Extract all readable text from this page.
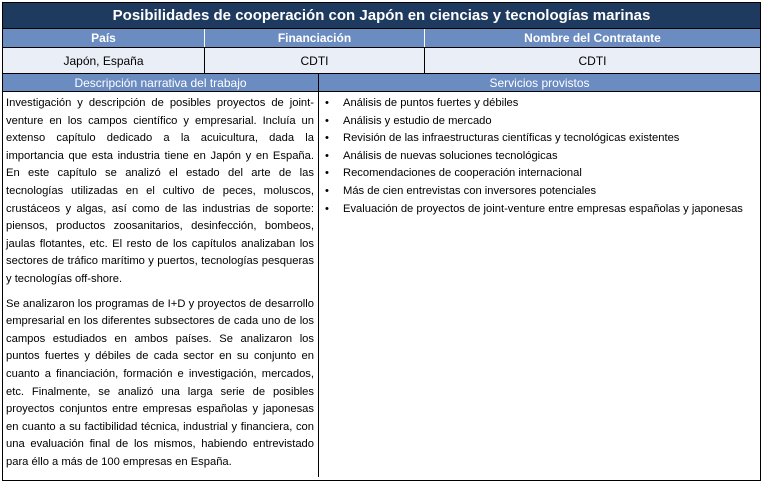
Posibilidades de cooperación con Japón en ciencias y tecnologías marinas
País	Financiación	Nombre del Contratante
Japón, España	CDTI	CDTI
Descripción narrativa del trabajo	Servicios provistos

Investigación y descripción de posibles proyectos de joint-venture en los campos científico y empresarial. Incluía un extenso capítulo dedicado a la acuicultura, dada la importancia que esta industria tiene en Japón y en España. En este capítulo se analizó el estado del arte de las tecnologías utilizadas en el cultivo de peces, moluscos, crustáceos y algas, así como de las industrias de soporte: piensos, productos zoosanitarios, desinfección, bombeos, jaulas flotantes, etc. El resto de los capítulos analizaban los sectores de tráfico marítimo y puertos, tecnologías pesqueras y tecnologías off-shore.

Se analizaron los programas de I+D y proyectos de desarrollo empresarial en los diferentes subsectores de cada uno de los campos estudiados en ambos países. Se analizaron los puntos fuertes y débiles de cada sector en su conjunto en cuanto a financiación, formación e investigación, mercados, etc. Finalmente, se analizó una larga serie de posibles proyectos conjuntos entre empresas españolas y japonesas en cuanto a su factibilidad técnica, industrial y financiera, con una evaluación final de los mismos, habiendo entrevistado para éllo a más de 100 empresas en España.

• Análisis de puntos fuertes y débiles
• Análisis y estudio de mercado
• Revisión de las infraestructuras científicas y tecnológicas existentes
• Análisis de nuevas soluciones tecnológicas
• Recomendaciones de cooperación internacional
• Más de cien entrevistas con inversores potenciales
• Evaluación de proyectos de joint-venture entre empresas españolas y japonesas
